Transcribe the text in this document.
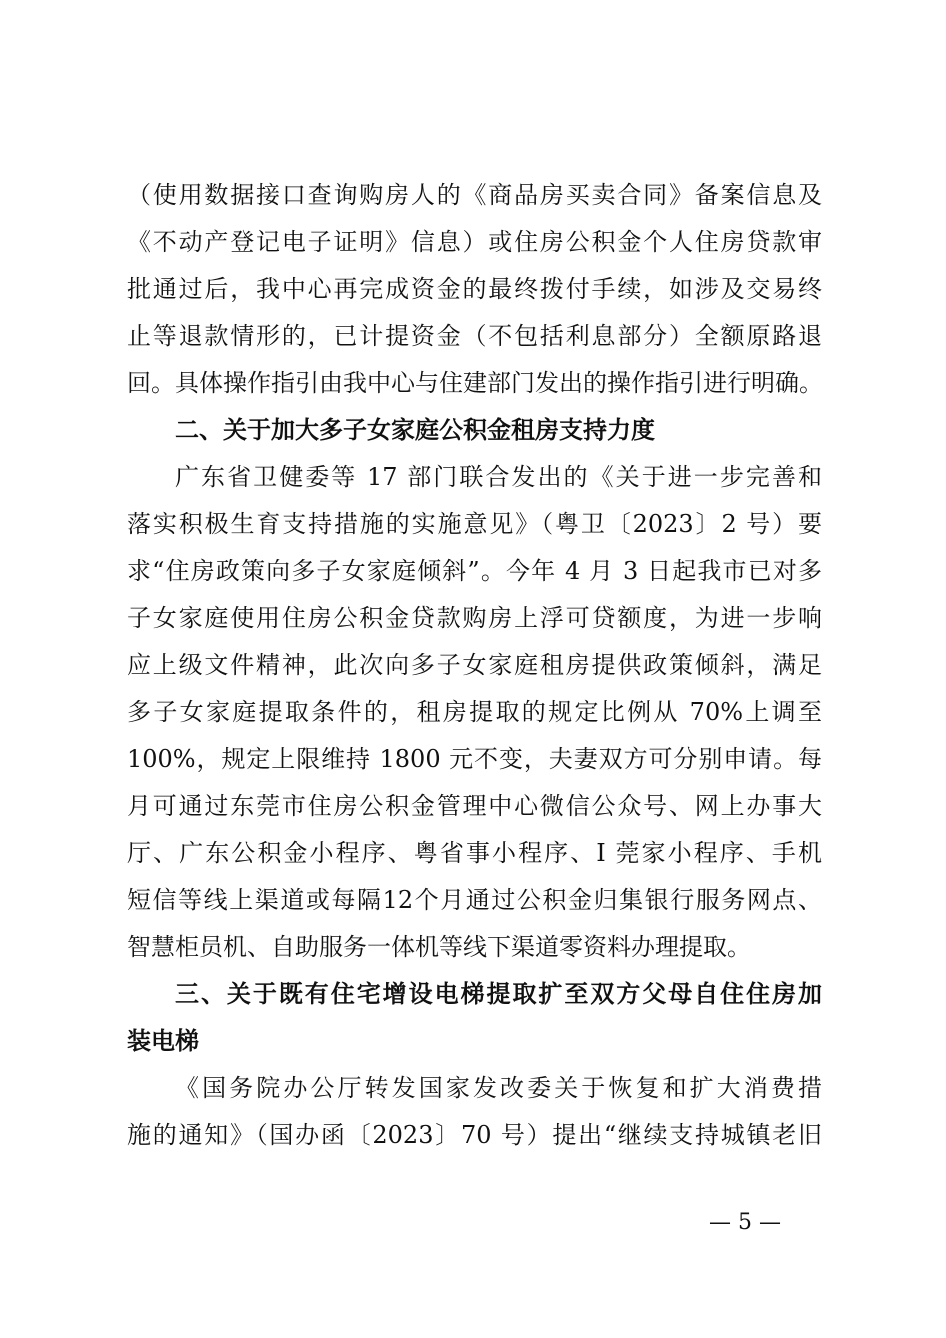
（使用数据接口查询购房人的《商品房买卖合同》备案信息及
《不动产登记电子证明》信息）或住房公积金个人住房贷款审
批通过后，我中心再完成资金的最终拨付手续，如涉及交易终
止等退款情形的，已计提资金（不包括利息部分）全额原路退
回。具体操作指引由我中心与住建部门发出的操作指引进行明确。
二、关于加大多子女家庭公积金租房支持力度
广东省卫健委等 17 部门联合发出的《关于进一步完善和
落实积极生育支持措施的实施意见》（粤卫〔2023〕2 号）要
求“住房政策向多子女家庭倾斜”。今年 4 月 3 日起我市已对多
子女家庭使用住房公积金贷款购房上浮可贷额度，为进一步响
应上级文件精神，此次向多子女家庭租房提供政策倾斜，满足
多子女家庭提取条件的，租房提取的规定比例从 70%上调至
100%，规定上限维持 1800 元不变，夫妻双方可分别申请。每
月可通过东莞市住房公积金管理中心微信公众号、网上办事大
厅、广东公积金小程序、粤省事小程序、I 莞家小程序、手机
短信等线上渠道或每隔12个月通过公积金归集银行服务网点、
智慧柜员机、自助服务一体机等线下渠道零资料办理提取。
三、关于既有住宅增设电梯提取扩至双方父母自住住房加
装电梯
《国务院办公厅转发国家发改委关于恢复和扩大消费措
施的通知》（国办函〔2023〕70 号）提出“继续支持城镇老旧
— 5 —
